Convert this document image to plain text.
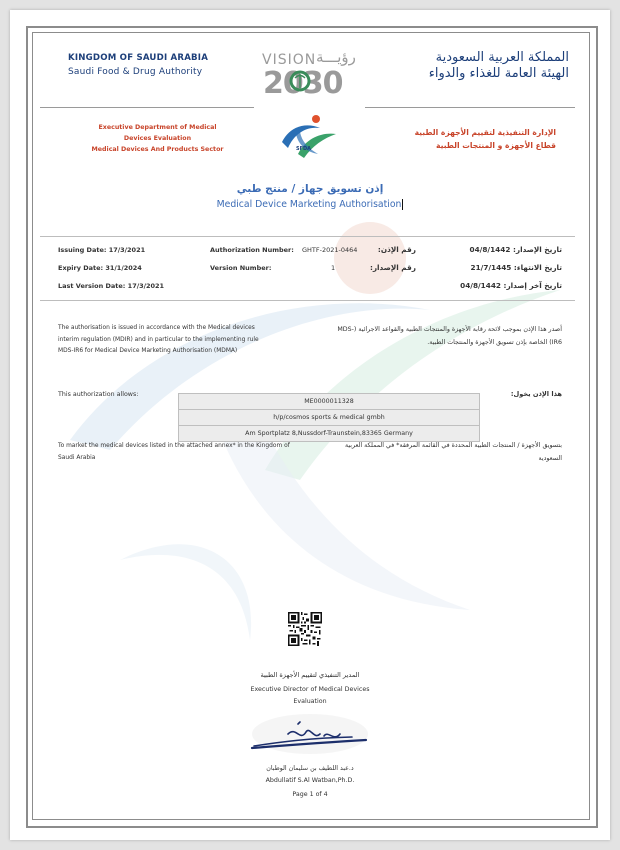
KINGDOM OF SAUDI ARABIA
Saudi Food & Drug Authority
المملكة العربية السعودية
الهيئة العامة للغذاء والدواء
VISION رؤيـــة
2030
Executive Department of Medical
Devices Evaluation
Medical Devices And Products Sector
الإدارة التنفيذية لتقييم الأجهزة الطبية
قطاع الأجهزة و المنتجات الطبية
SFDA
إذن تسويق جهاز / منتج طبي
Medical Device Marketing Authorisation
Issuing Date: 17/3/2021
Expiry Date: 31/1/2024
Last Version Date: 17/3/2021
Authorization Number: GHTF-2021-0464
Version Number:	1
رقم الإذن:
رقم الإصدار:
تاريخ الإصدار: 04/8/1442
تاريخ الانتهاء: 21/7/1445
تاريخ آخر إصدار: 04/8/1442
The authorisation is issued in accordance with the Medical devices interim regulation (MDIR) and in particular to the implementing rule MDS-IR6 for Medical Device Marketing Authorisation (MDMA)
أصدر هذا الإذن بموجب لائحة رقابة الأجهزة والمنتجات الطبية والقواعد الاجرائية (MDS-IR6) الخاصة بإذن تسويق الأجهزة والمنتجات الطبية.
This authorization allows:	هذا الإذن يخول:
ME0000011328
h/p/cosmos sports & medical gmbh
Am Sportplatz 8,Nussdorf-Traunstein,83365 Germany
To market the medical devices listed in the attached annex* in the Kingdom of Saudi Arabia
بتسويق الأجهزة / المنتجات الطبية المحددة في القائمة المرفقة* في المملكة العربية السعودية
المدير التنفيذي لتقييم الأجهزة الطبية
Executive Director of Medical Devices
Evaluation
د.عبد اللطيف بن سليمان الوطبان
Abdullatif S.Al Watban,Ph.D.
Page 1 of 4
